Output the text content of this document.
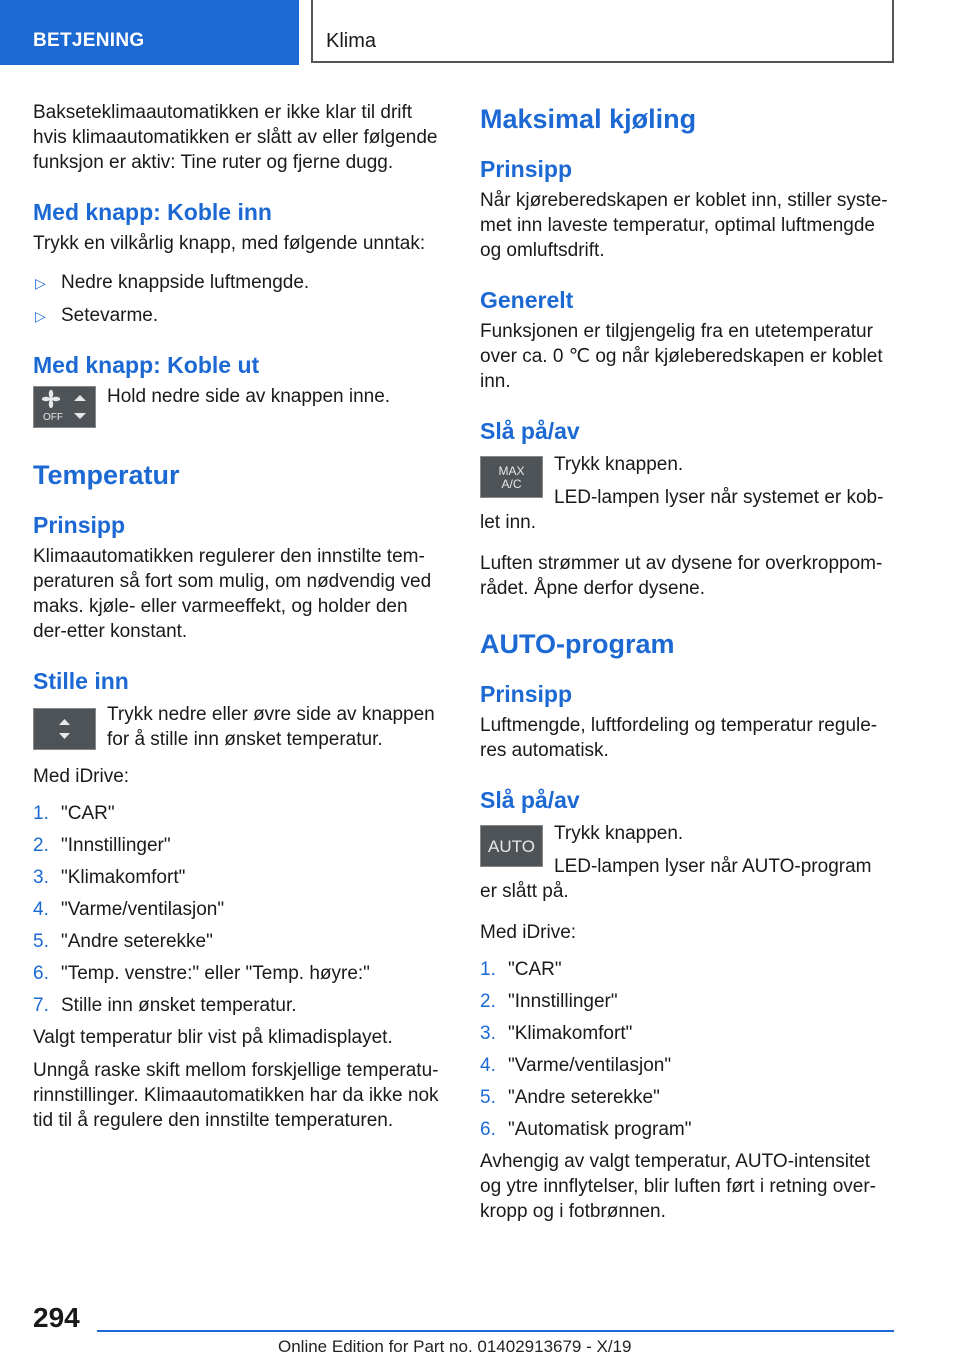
BETJENING	Klima

Bakseteklimaautomatikken er ikke klar til drift hvis klimaautomatikken er slått av eller følgende funksjon er aktiv: Tine ruter og fjerne dugg.

Med knapp: Koble inn

Trykk en vilkårlig knapp, med følgende unntak:

▷ Nedre knappside luftmengde.
▷ Setevarme.
Med knapp: Koble ut
OFF

Hold nedre side av knappen inne.

Temperatur
Prinsipp

Klimaautomatikken regulerer den innstilte tem-peraturen så fort som mulig, om nødvendig ved maks. kjøle- eller varmeeffekt, og holder den der-etter konstant.

Stille inn

Trykk nedre eller øvre side av knappen for å stille inn ønsket temperatur.

Med iDrive:

1. "CAR"
2. "Innstillinger"
3. "Klimakomfort"
4. "Varme/ventilasjon"
5. "Andre seterekke"
6. "Temp. venstre:" eller "Temp. høyre:"
7. Stille inn ønsket temperatur.

Valgt temperatur blir vist på klimadisplayet.

Unngå raske skift mellom forskjellige temperatu-rinnstillinger. Klimaautomatikken har da ikke nok tid til å regulere den innstilte temperaturen.

Maksimal kjøling
Prinsipp

Når kjøreberedskapen er koblet inn, stiller syste-met inn laveste temperatur, optimal luftmengde og omluftsdrift.

Generelt

Funksjonen er tilgjengelig fra en utetemperatur over ca. 0 ℃ og når kjøleberedskapen er koblet inn.

Slå på/av
MAX
A/C

Trykk knappen.

LED-lampen lyser når systemet er kob-

let inn.

Luften strømmer ut av dysene for overkroppom-rådet. Åpne derfor dysene.

AUTO-program
Prinsipp

Luftmengde, luftfordeling og temperatur regule-res automatisk.

Slå på/av
AUTO

Trykk knappen.

LED-lampen lyser når AUTO-program

er slått på.

Med iDrive:

1. "CAR"
2. "Innstillinger"
3. "Klimakomfort"
4. "Varme/ventilasjon"
5. "Andre seterekke"
6. "Automatisk program"

Avhengig av valgt temperatur, AUTO-intensitet og ytre innflytelser, blir luften ført i retning over-kropp og i fotbrønnen.

294
Online Edition for Part no. 01402913679 - X/19
